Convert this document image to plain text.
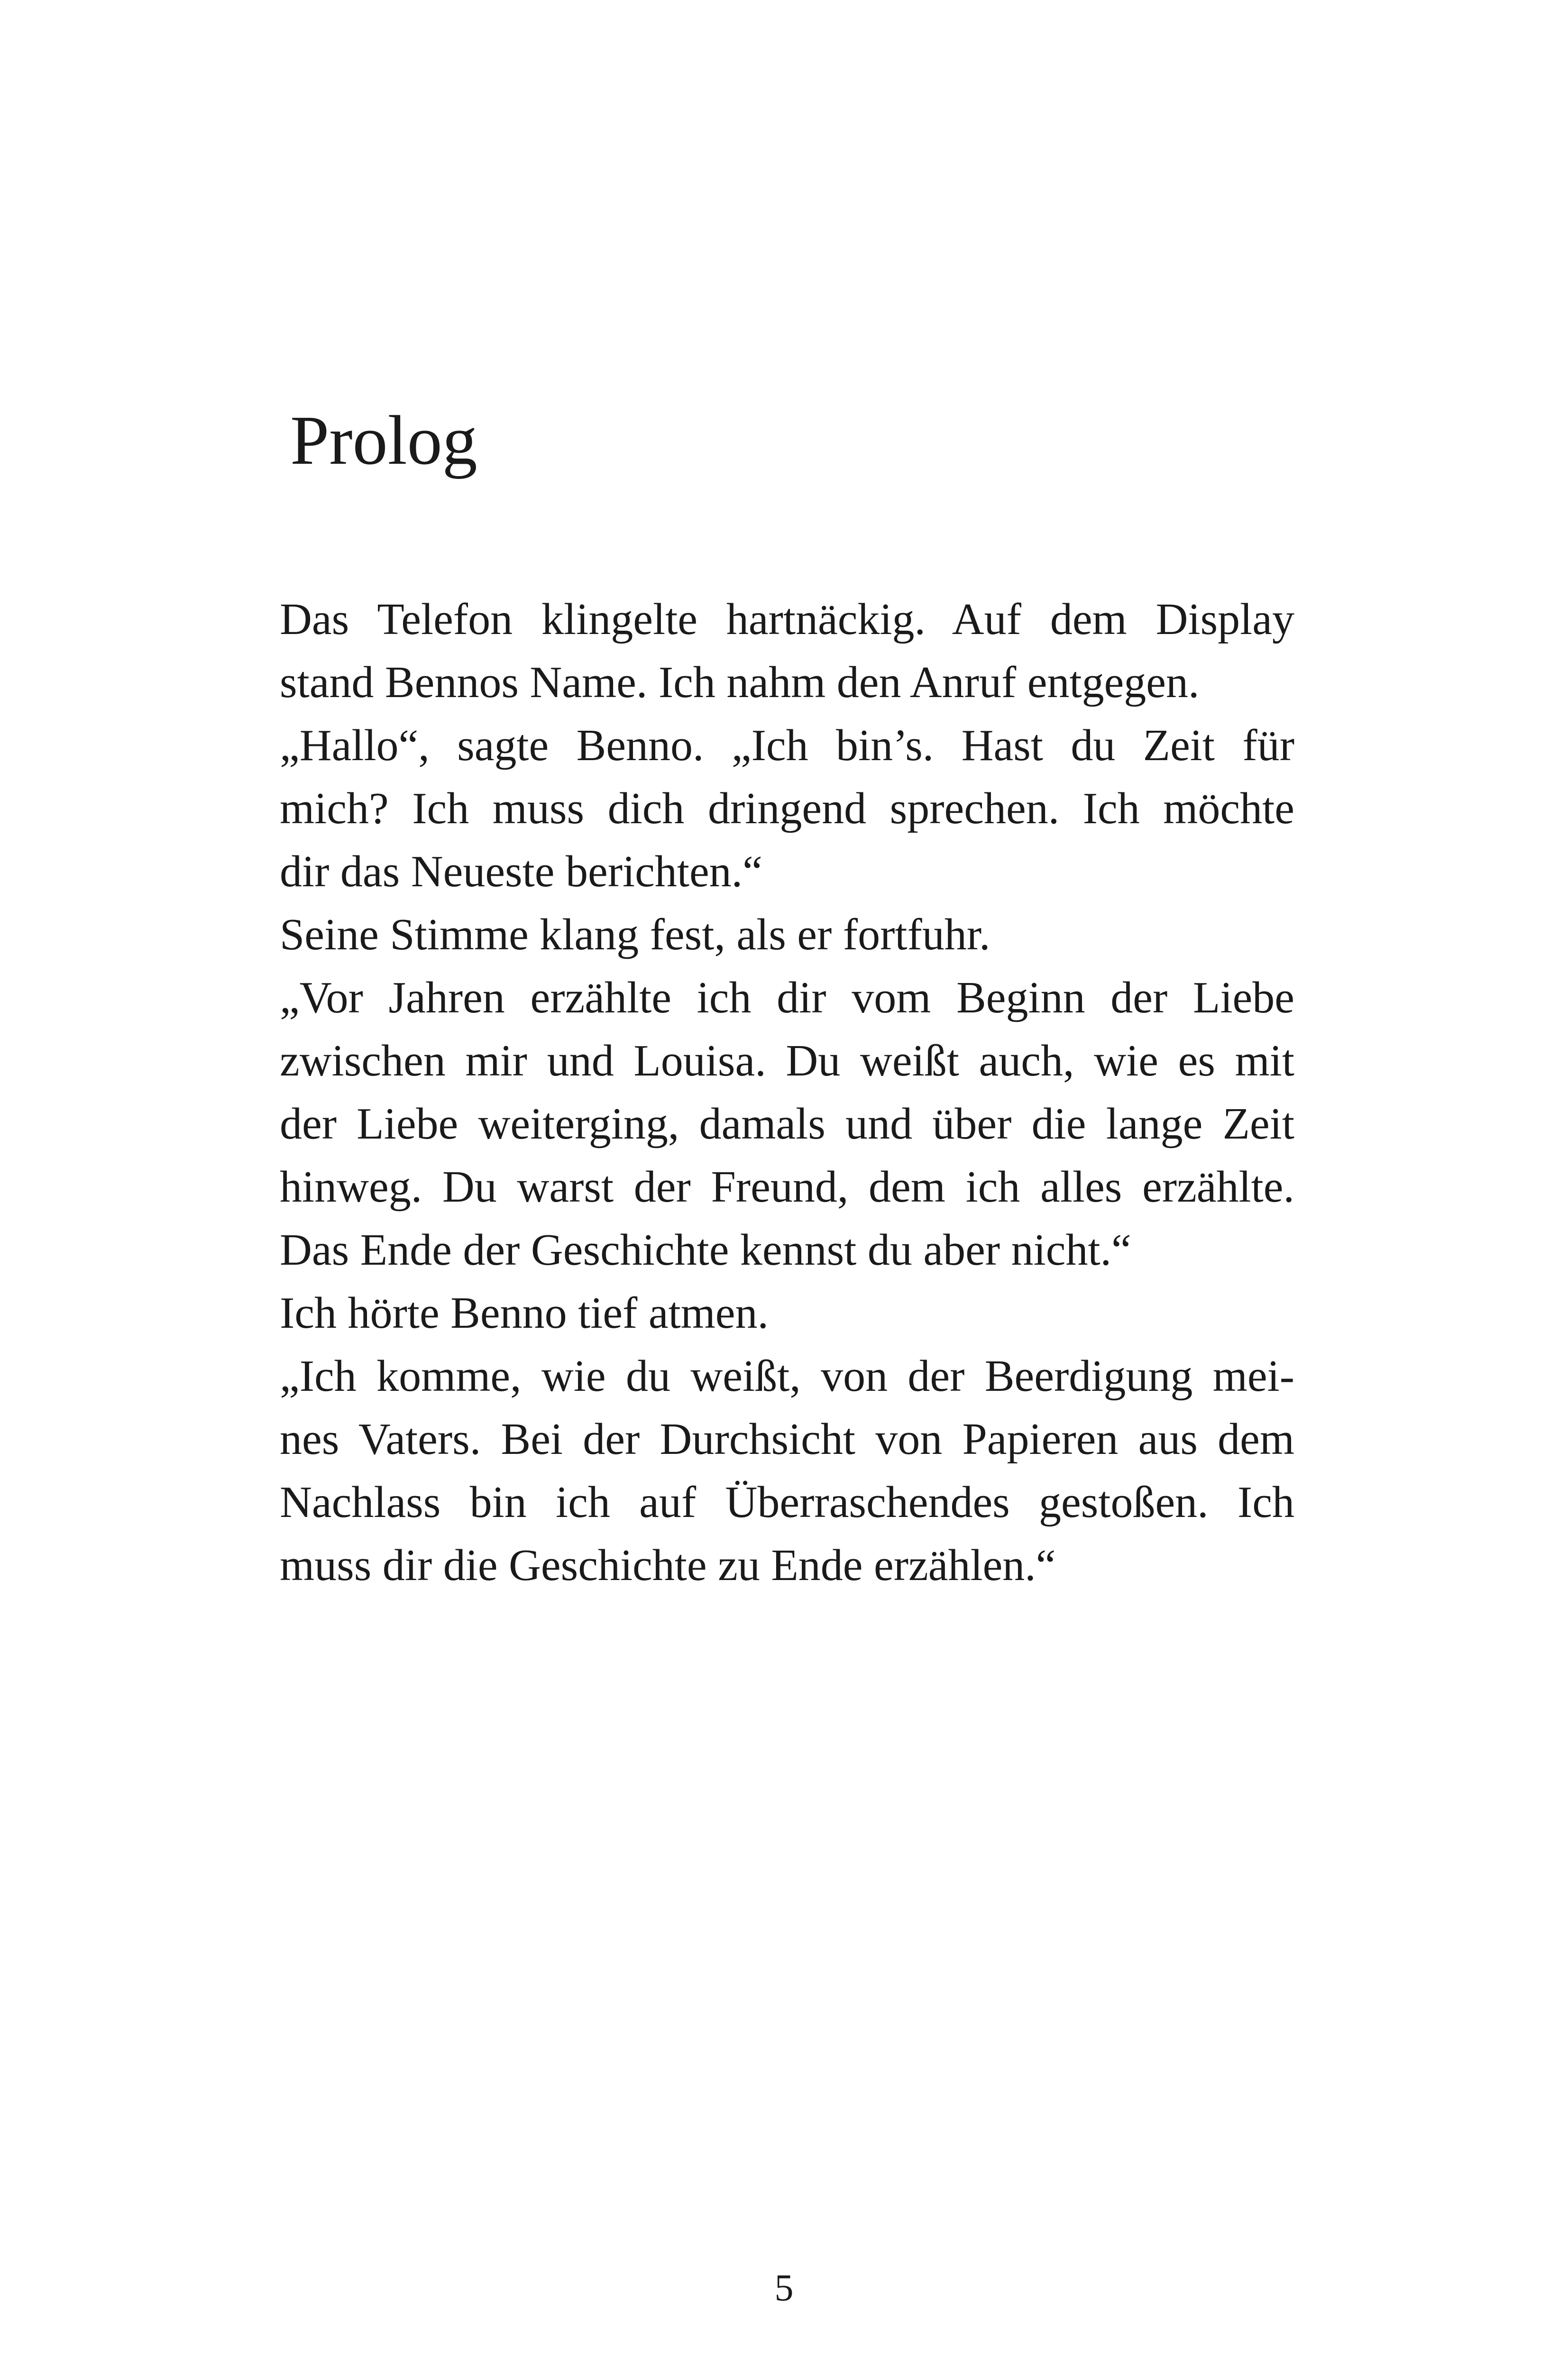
Prolog
Das Telefon klingelte hartnäckig. Auf dem Display
stand Bennos Name. Ich nahm den Anruf entgegen.
„Hallo“, sagte Benno. „Ich bin’s. Hast du Zeit für
mich? Ich muss dich dringend sprechen. Ich möchte
dir das Neueste berichten.“
Seine Stimme klang fest, als er fortfuhr.
„Vor Jahren erzählte ich dir vom Beginn der Liebe
zwischen mir und Louisa. Du weißt auch, wie es mit
der Liebe weiterging, damals und über die lange Zeit
hinweg. Du warst der Freund, dem ich alles erzählte.
Das Ende der Geschichte kennst du aber nicht.“
Ich hörte Benno tief atmen.
„Ich komme, wie du weißt, von der Beerdigung mei-
nes Vaters. Bei der Durchsicht von Papieren aus dem
Nachlass bin ich auf Überraschendes gestoßen. Ich
muss dir die Geschichte zu Ende erzählen.“
5
